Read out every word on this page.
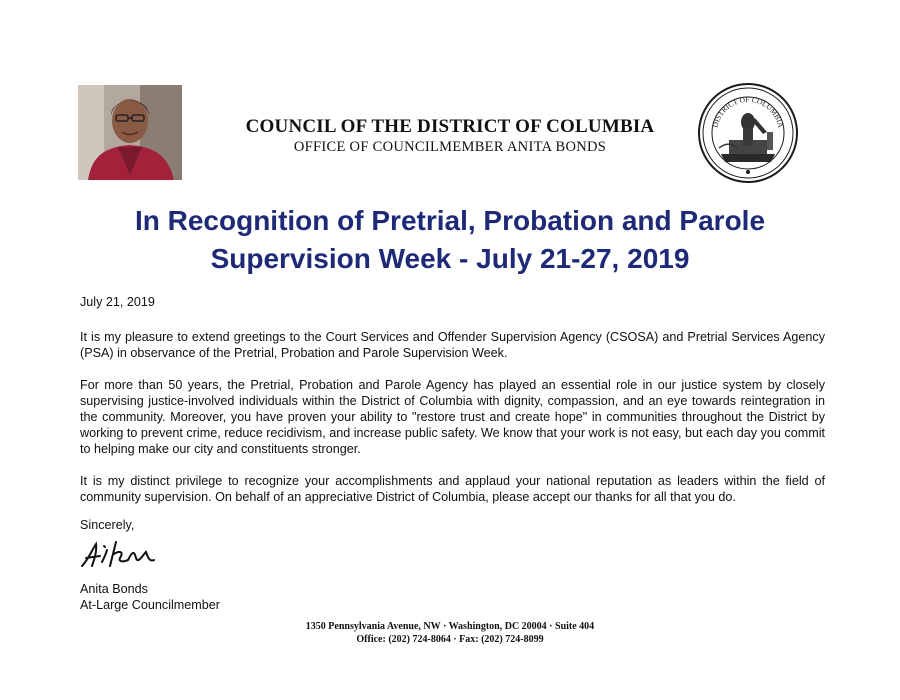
COUNCIL OF THE DISTRICT OF COLUMBIA
OFFICE OF COUNCILMEMBER ANITA BONDS
DISTRICT OF COLUMBIA
In Recognition of Pretrial, Probation and Parole
Supervision Week - July 21-27, 2019
July 21, 2019
It is my pleasure to extend greetings to the Court Services and Offender Supervision Agency (CSOSA) and Pretrial Services Agency (PSA) in observance of the Pretrial, Probation and Parole Supervision Week.
For more than 50 years, the Pretrial, Probation and Parole Agency has played an essential role in our justice system by closely supervising justice-involved individuals within the District of Columbia with dignity, compassion, and an eye towards reintegration in the community. Moreover, you have proven your ability to "restore trust and create hope" in communities throughout the District by working to prevent crime, reduce recidivism, and increase public safety. We know that your work is not easy, but each day you commit to helping make our city and constituents stronger.
It is my distinct privilege to recognize your accomplishments and applaud your national reputation as leaders within the field of community supervision. On behalf of an appreciative District of Columbia, please accept our thanks for all that you do.
Sincerely,
Anita Bonds
At-Large Councilmember
1350 Pennsylvania Avenue, NW · Washington, DC 20004 · Suite 404
Office: (202) 724-8064 · Fax: (202) 724-8099
